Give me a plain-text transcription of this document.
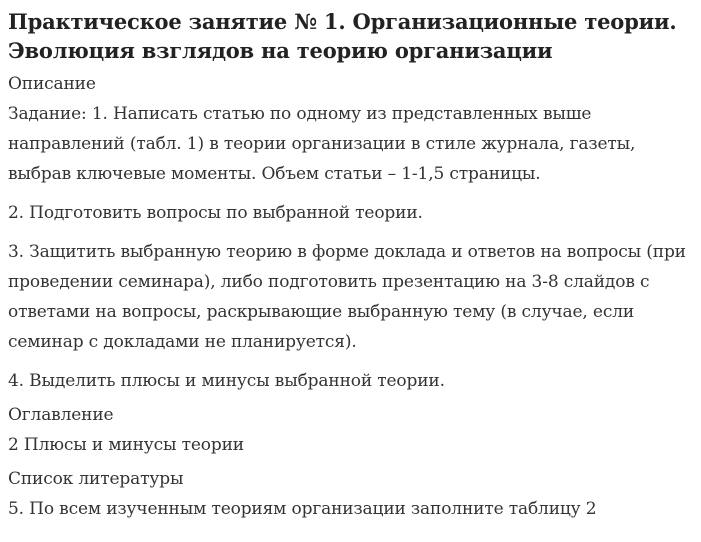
Практическое занятие № 1. Организационные теории. Эволюция взглядов на теорию организации

Описание

Задание: 1. Написать статью по одному из представленных выше направлений (табл. 1) в теории организации в стиле журнала, газеты, выбрав ключевые моменты. Объем статьи – 1-1,5 страницы.

2. Подготовить вопросы по выбранной теории.

3. Защитить выбранную теорию в форме доклада и ответов на вопросы (при проведении семинара), либо подготовить презентацию на 3-8 слайдов с ответами на вопросы, раскрывающие выбранную тему (в случае, если семинар с докладами не планируется).

4. Выделить плюсы и минусы выбранной теории.

Оглавление

2 Плюсы и минусы теории

Список литературы

5. По всем изученным теориям организации заполните таблицу 2
